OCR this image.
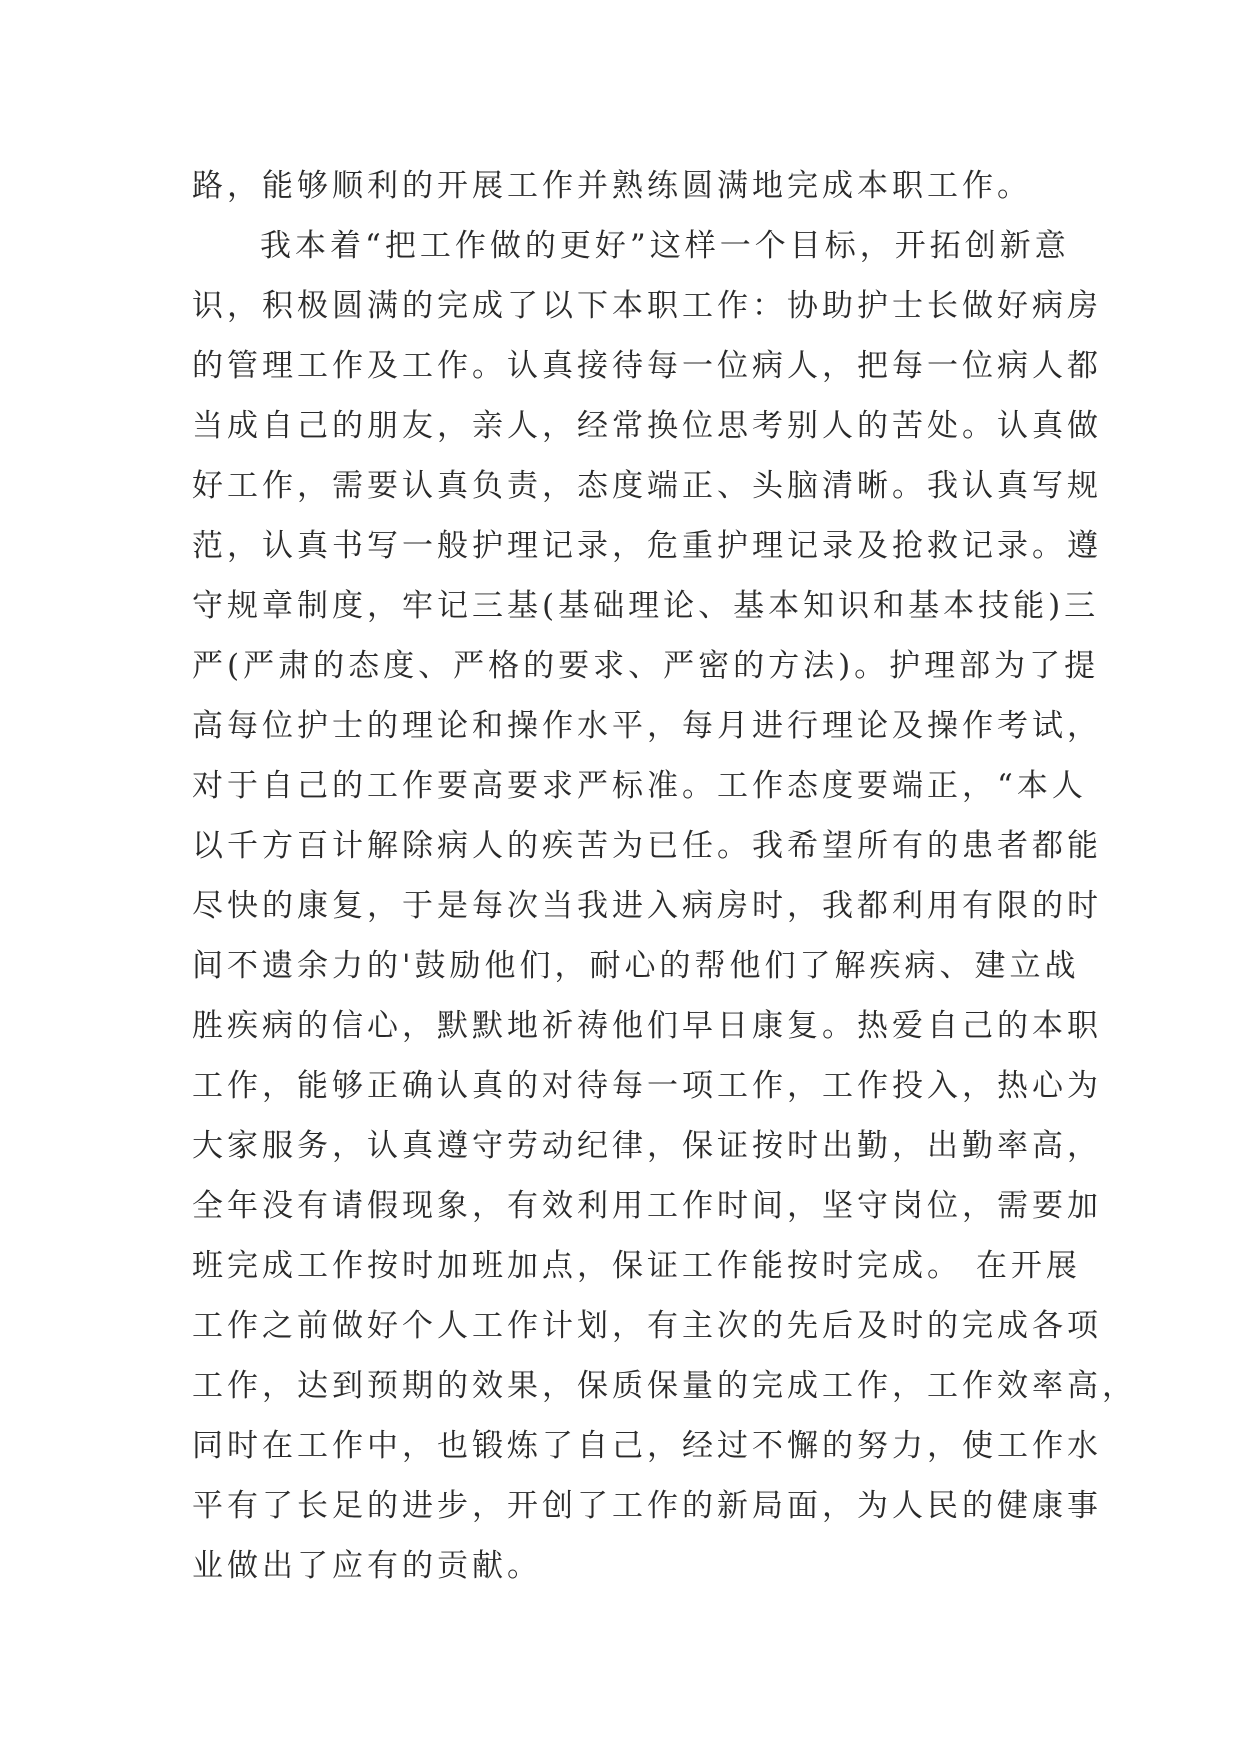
路，能够顺利的开展工作并熟练圆满地完成本职工作。
我本着“把工作做的更好”这样一个目标，开拓创新意
识，积极圆满的完成了以下本职工作：协助护士长做好病房
的管理工作及工作。认真接待每一位病人，把每一位病人都
当成自己的朋友，亲人，经常换位思考别人的苦处。认真做
好工作，需要认真负责，态度端正、头脑清晰。我认真写规
范，认真书写一般护理记录，危重护理记录及抢救记录。遵
守规章制度，牢记三基(基础理论、基本知识和基本技能)三
严(严肃的态度、严格的要求、严密的方法)。护理部为了提
高每位护士的理论和操作水平，每月进行理论及操作考试，
对于自己的工作要高要求严标准。工作态度要端正，“本人
以千方百计解除病人的疾苦为已任。我希望所有的患者都能
尽快的康复，于是每次当我进入病房时，我都利用有限的时
间不遗余力的'鼓励他们，耐心的帮他们了解疾病、建立战
胜疾病的信心，默默地祈祷他们早日康复。热爱自己的本职
工作，能够正确认真的对待每一项工作，工作投入，热心为
大家服务，认真遵守劳动纪律，保证按时出勤，出勤率高，
全年没有请假现象，有效利用工作时间，坚守岗位，需要加
班完成工作按时加班加点，保证工作能按时完成。 在开展
工作之前做好个人工作计划，有主次的先后及时的完成各项
工作，达到预期的效果，保质保量的完成工作，工作效率高，
同时在工作中，也锻炼了自己，经过不懈的努力，使工作水
平有了长足的进步，开创了工作的新局面，为人民的健康事
业做出了应有的贡献。
